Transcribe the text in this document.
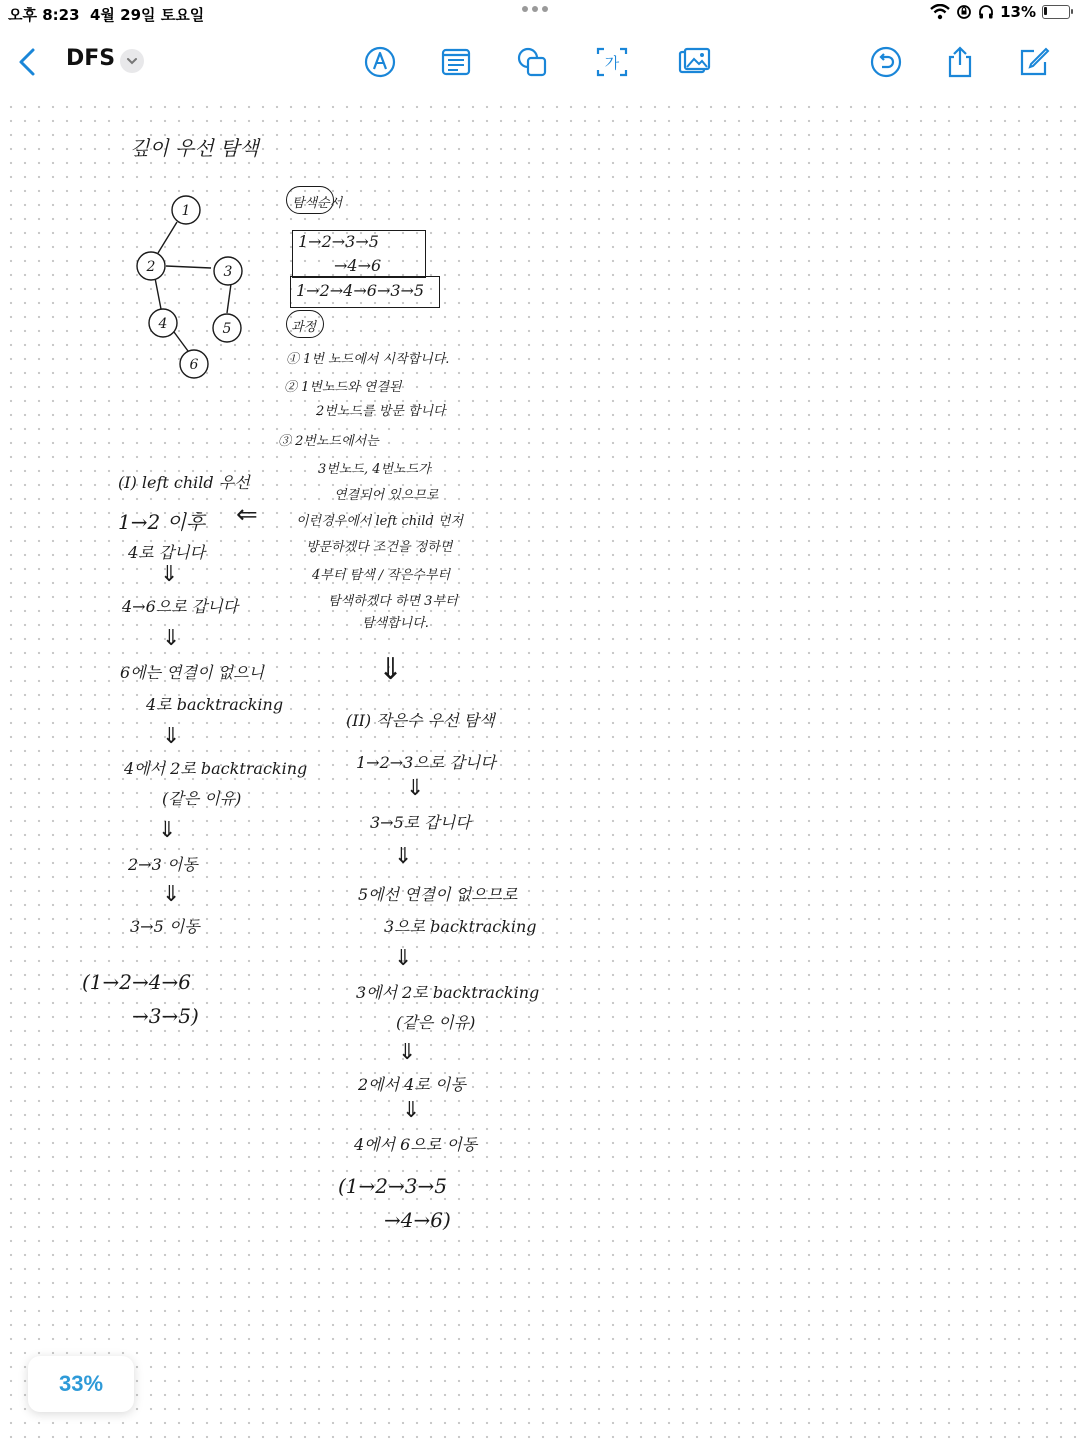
오후 8:23 4월 29일 토요일	13%
DFS	가
깊이 우선 탐색
1
2	3
4	5
6
탐색순서
1→2→3→5
→4→6
1→2→4→6→3→5
과정
① 1번 노드에서 시작합니다.
② 1번노드와 연결된
2번노드를 방문 합니다
③ 2번노드에서는
3번노드, 4번노드가
연결되어 있으므로
이런경우에서 left child 먼저
방문하겠다 조건을 정하면
4부터 탐색 / 작은수부터
탐색하겠다 하면 3부터
탐색합니다.
⇓
(I) left child 우선
1→2 이후 ⇐
4로 갑니다
⇓
4→6으로 갑니다
⇓
6에는 연결이 없으니
4로 backtracking
⇓
4에서 2로 backtracking
(같은 이유)
⇓
2→3 이동
⇓
3→5 이동
(1→2→4→6
→3→5)
(II) 작은수 우선 탐색
1→2→3으로 갑니다
⇓
3→5로 갑니다
⇓
5에선 연결이 없으므로
3으로 backtracking
⇓
3에서 2로 backtracking
(같은 이유)
⇓
2에서 4로 이동
⇓
4에서 6으로 이동
(1→2→3→5
→4→6)
33%
